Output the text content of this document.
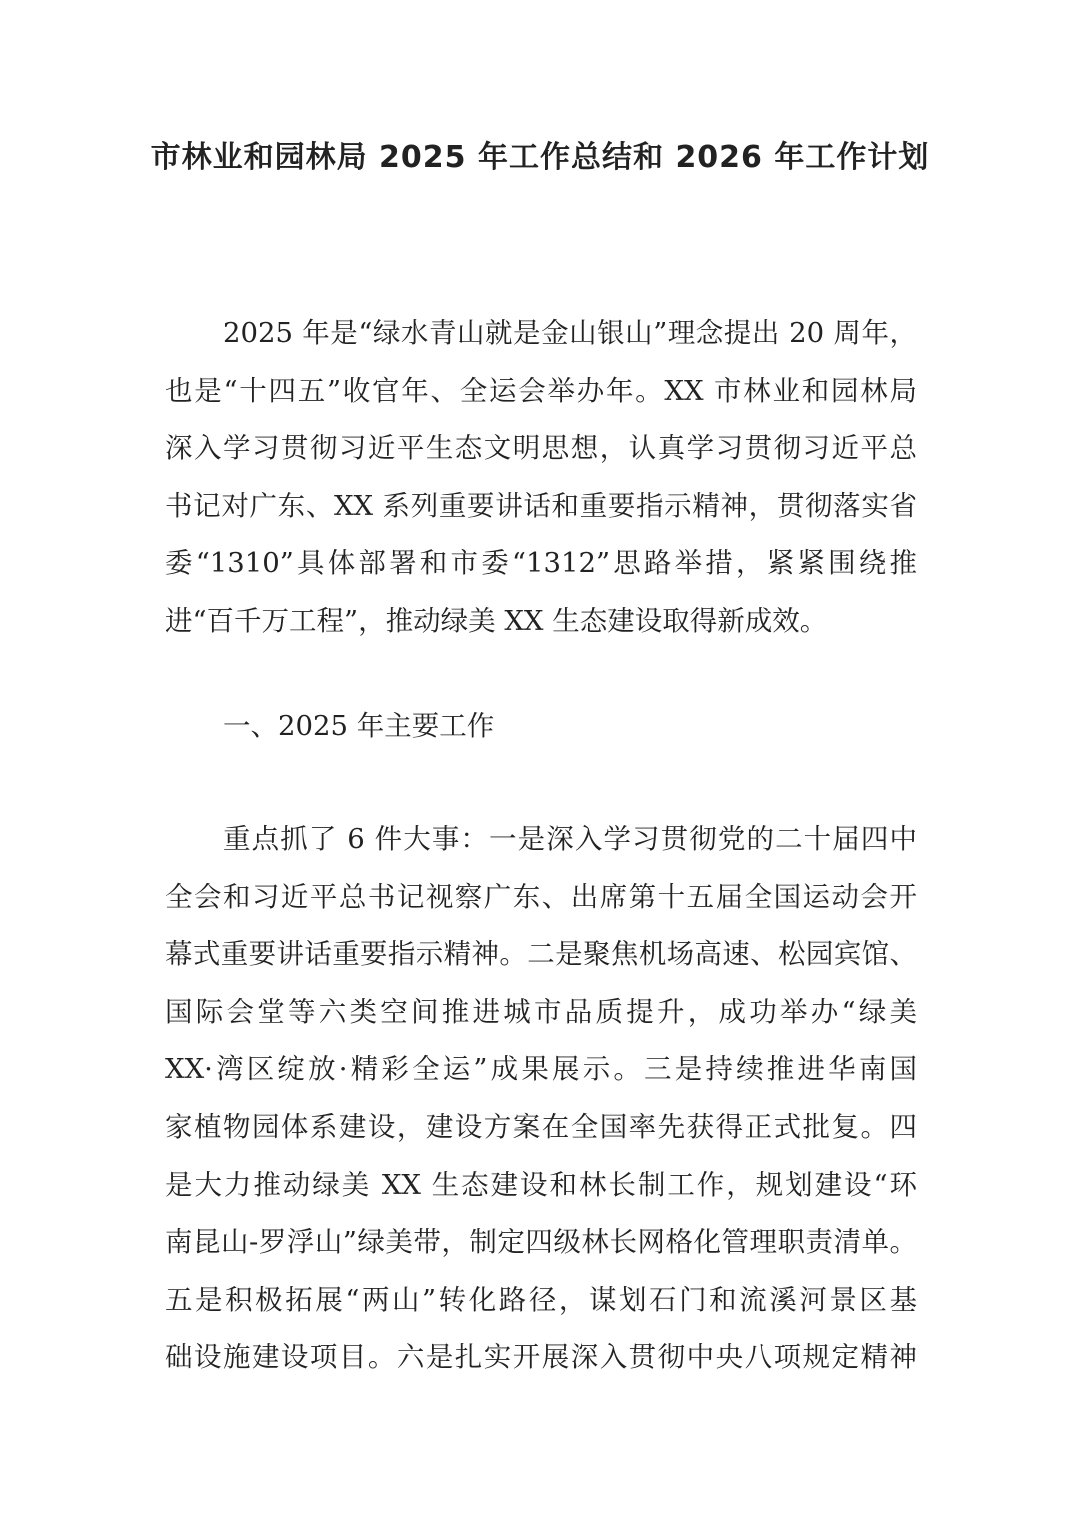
市林业和园林局 2025 年工作总结和 2026 年工作计划
2025 年是“绿水青山就是金山银山”理念提出 20 周年，
也是“十四五”收官年、全运会举办年。XX 市林业和园林局
深入学习贯彻习近平生态文明思想，认真学习贯彻习近平总
书记对广东、XX 系列重要讲话和重要指示精神，贯彻落实省
委“1310”具体部署和市委“1312”思路举措，紧紧围绕推
进“百千万工程”，推动绿美 XX 生态建设取得新成效。
一、2025 年主要工作
重点抓了 6 件大事：一是深入学习贯彻党的二十届四中
全会和习近平总书记视察广东、出席第十五届全国运动会开
幕式重要讲话重要指示精神。二是聚焦机场高速、松园宾馆、
国际会堂等六类空间推进城市品质提升，成功举办“绿美
XX·湾区绽放·精彩全运”成果展示。三是持续推进华南国
家植物园体系建设，建设方案在全国率先获得正式批复。四
是大力推动绿美 XX 生态建设和林长制工作，规划建设“环
南昆山-罗浮山”绿美带，制定四级林长网格化管理职责清单。
五是积极拓展“两山”转化路径，谋划石门和流溪河景区基
础设施建设项目。六是扎实开展深入贯彻中央八项规定精神
